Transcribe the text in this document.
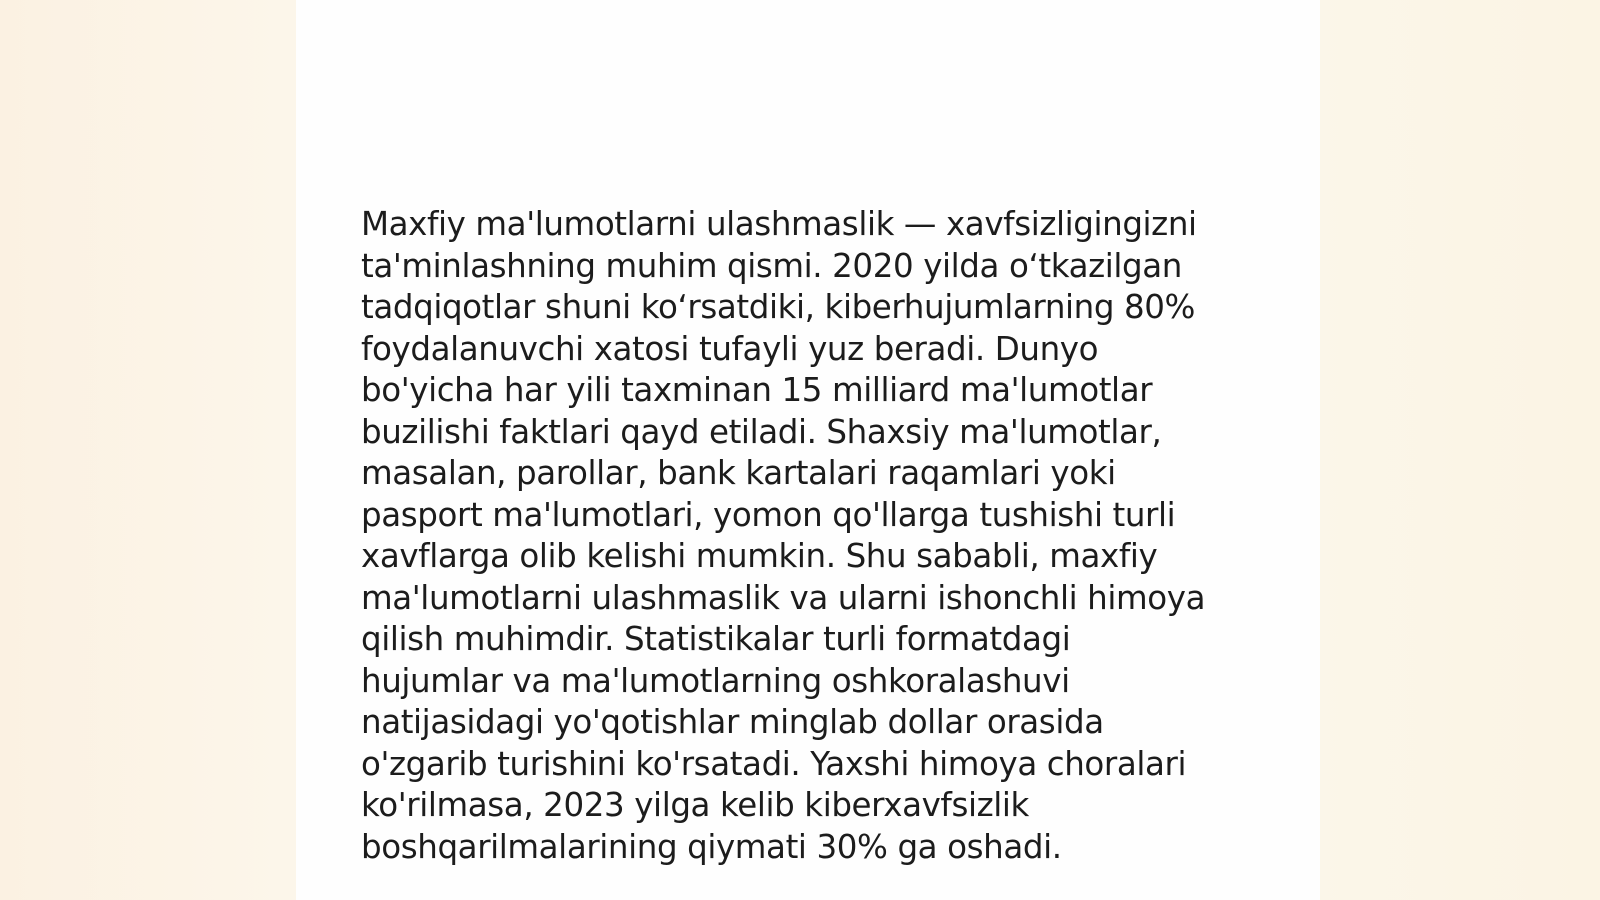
Maxfiy ma'lumotlarni ulashmaslik — xavfsizligingizni
ta'minlashning muhim qismi. 2020 yilda oʻtkazilgan
tadqiqotlar shuni koʻrsatdiki, kiberhujumlarning 80%
foydalanuvchi xatosi tufayli yuz beradi. Dunyo
bo'yicha har yili taxminan 15 milliard ma'lumotlar
buzilishi faktlari qayd etiladi. Shaxsiy ma'lumotlar,
masalan, parollar, bank kartalari raqamlari yoki
pasport ma'lumotlari, yomon qo'llarga tushishi turli
xavflarga olib kelishi mumkin. Shu sababli, maxfiy
ma'lumotlarni ulashmaslik va ularni ishonchli himoya
qilish muhimdir. Statistikalar turli formatdagi
hujumlar va ma'lumotlarning oshkoralashuvi
natijasidagi yo'qotishlar minglab dollar orasida
o'zgarib turishini ko'rsatadi. Yaxshi himoya choralari
ko'rilmasa, 2023 yilga kelib kiberxavfsizlik
boshqarilmalarining qiymati 30% ga oshadi.
